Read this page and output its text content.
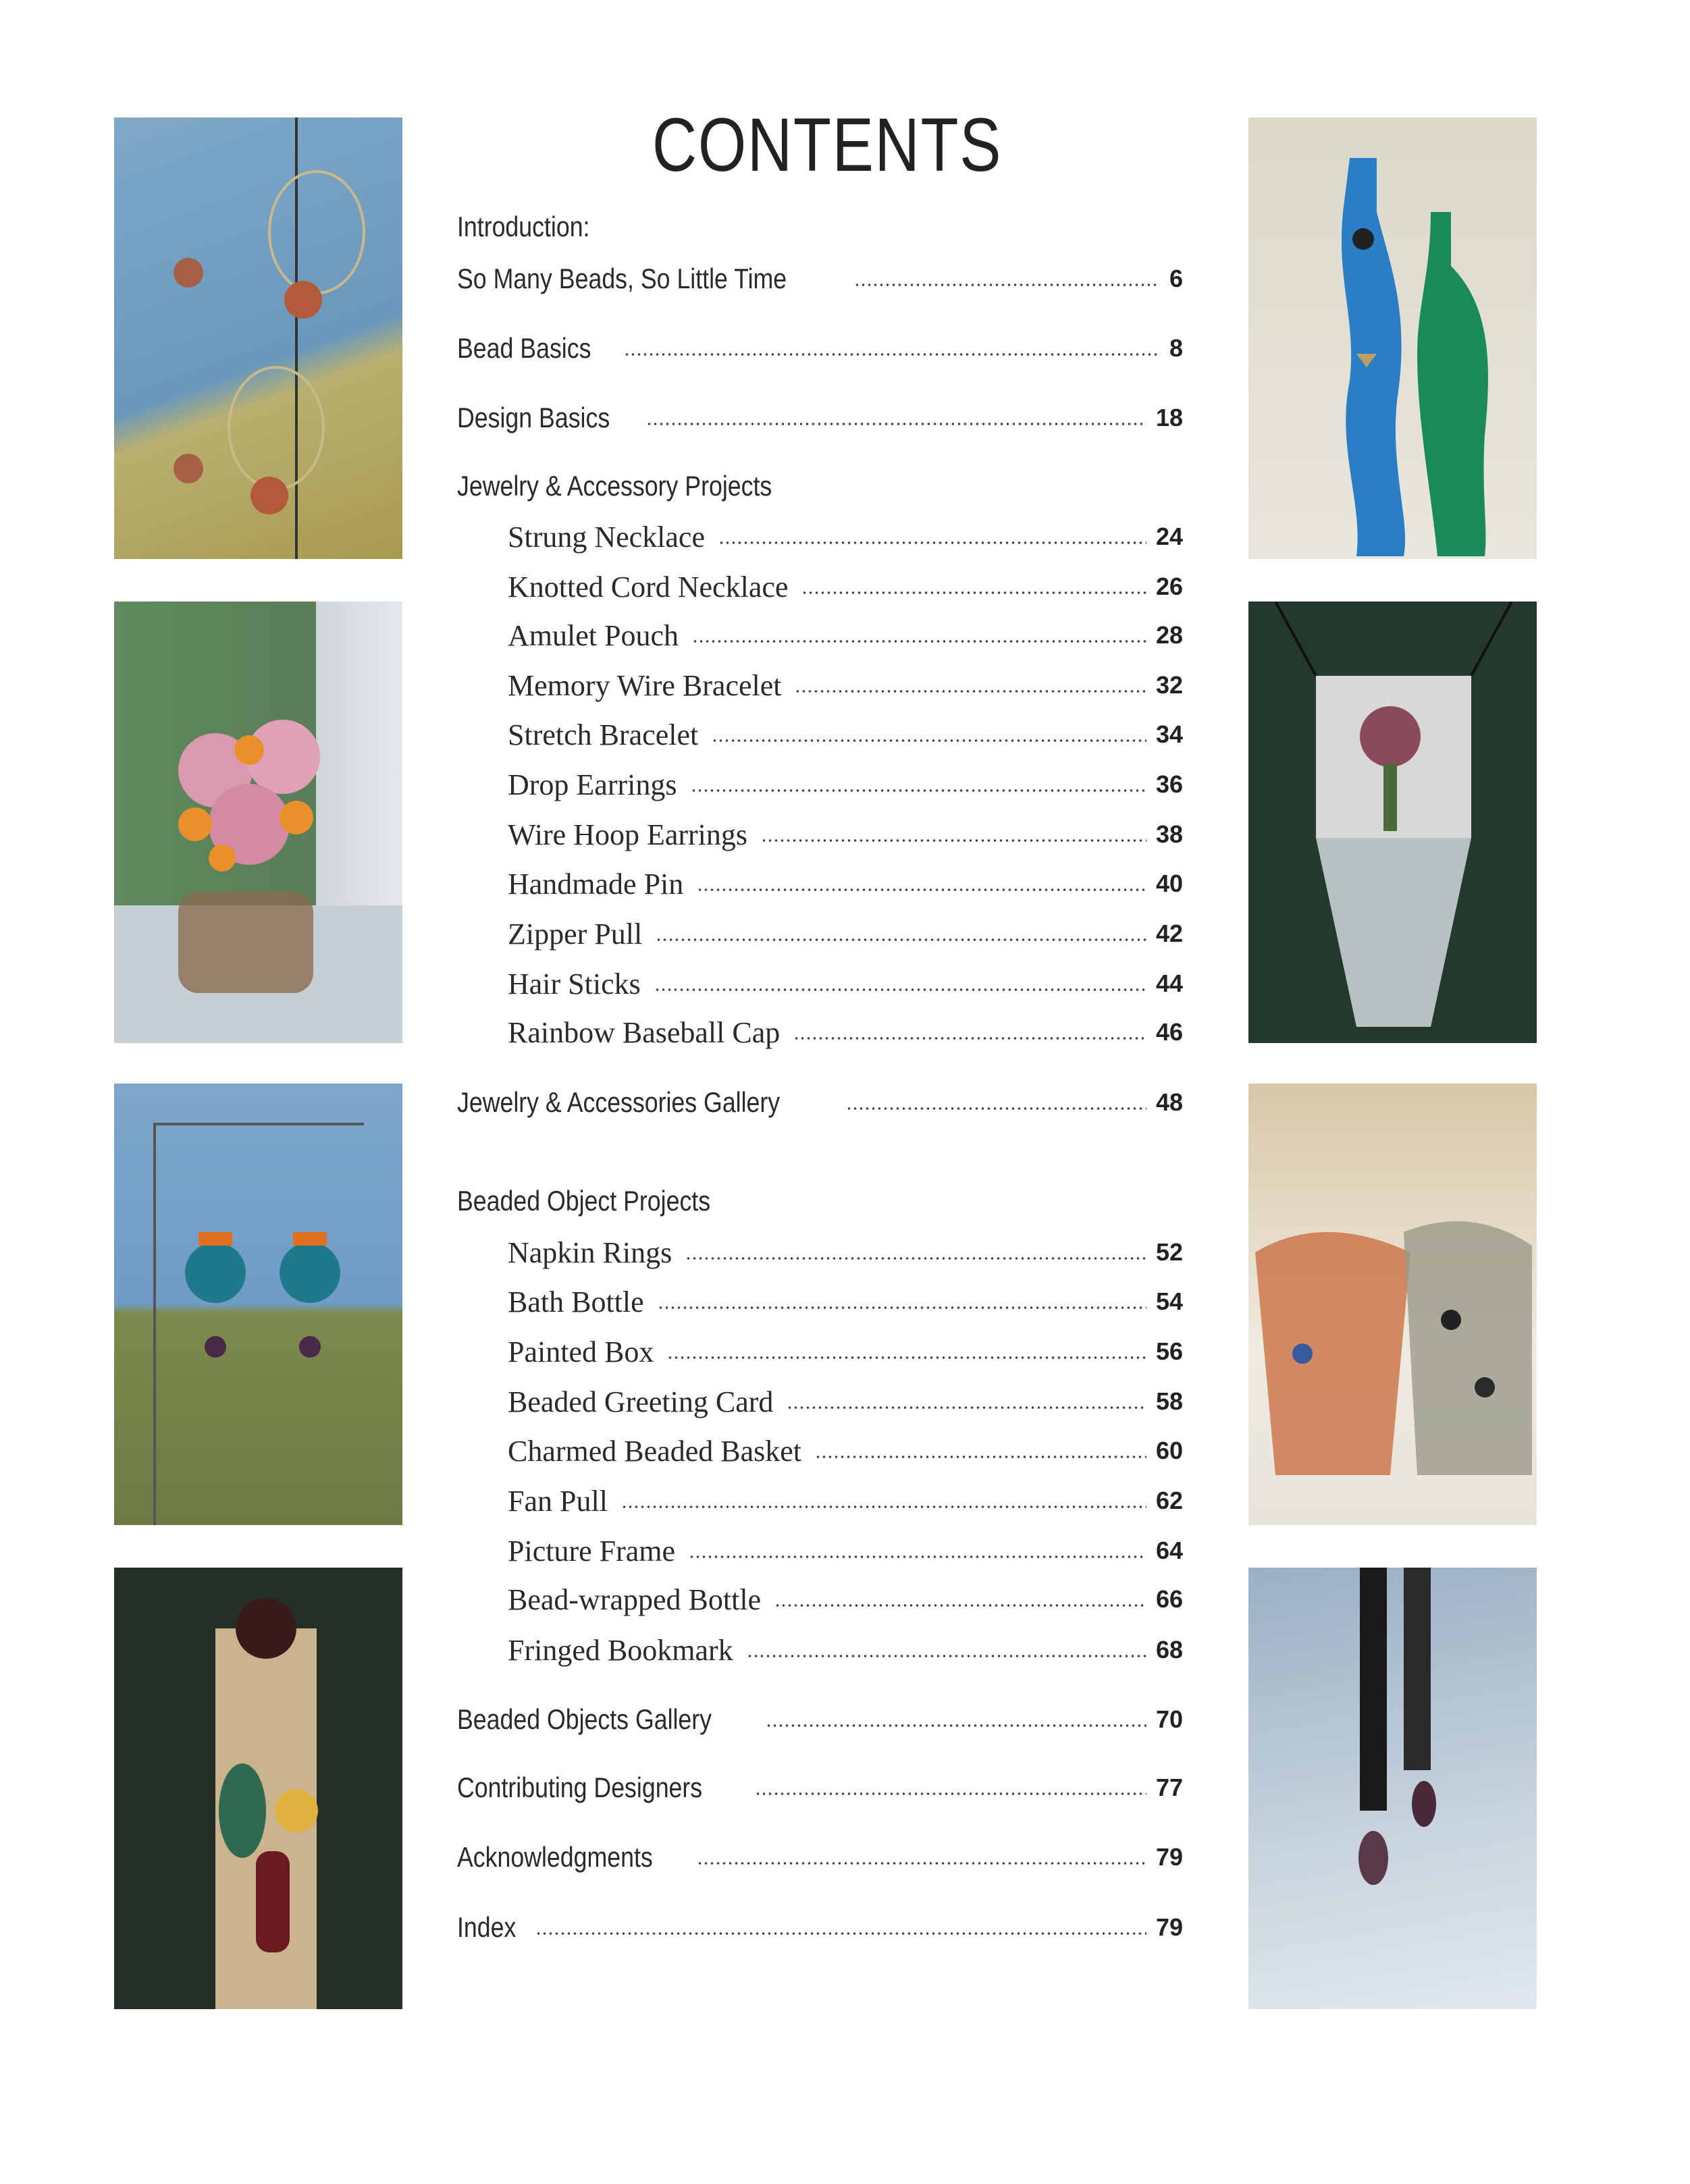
CONTENTS
Introduction:
So Many Beads, So Little Time	6
Bead Basics	8
Design Basics	18
Jewelry & Accessory Projects
Strung Necklace	24
Knotted Cord Necklace	26
Amulet Pouch	28
Memory Wire Bracelet	32
Stretch Bracelet	34
Drop Earrings	36
Wire Hoop Earrings	38
Handmade Pin	40
Zipper Pull	42
Hair Sticks	44
Rainbow Baseball Cap	46
Jewelry & Accessories Gallery	48
Beaded Object Projects
Napkin Rings	52
Bath Bottle	54
Painted Box	56
Beaded Greeting Card	58
Charmed Beaded Basket	60
Fan Pull	62
Picture Frame	64
Bead-wrapped Bottle	66
Fringed Bookmark	68
Beaded Objects Gallery	70
Contributing Designers	77
Acknowledgments	79
Index	79
